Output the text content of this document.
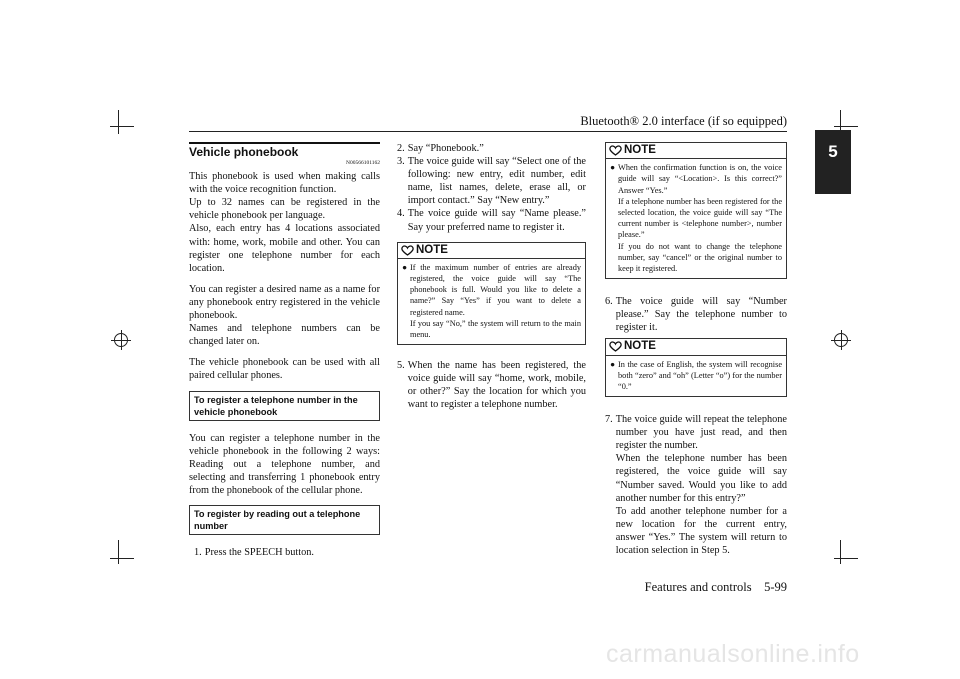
Bluetooth® 2.0 interface (if so equipped)
5
Features and controls 5-99
Vehicle phonebook
N00566101162

This phonebook is used when making calls with the voice recognition function.
Up to 32 names can be registered in the vehicle phonebook per language.
Also, each entry has 4 locations associated with: home, work, mobile and other. You can register one telephone number for each location.

You can register a desired name as a name for any phonebook entry registered in the vehicle phonebook.
Names and telephone numbers can be changed later on.

The vehicle phonebook can be used with all paired cellular phones.

To register a telephone number in the vehicle phonebook

You can register a telephone number in the vehicle phonebook in the following 2 ways: Reading out a telephone number, and selecting and transferring 1 phonebook entry from the phonebook of the cellular phone.

To register by reading out a telephone number
1. Press the SPEECH button.
2. Say “Phonebook.”
3. The voice guide will say “Select one of the following: new entry, edit number, edit name, list names, delete, erase all, or import contact.” Say “New entry.”
4. The voice guide will say “Name please.” Say your preferred name to register it.
NOTE
● If the maximum number of entries are already registered, the voice guide will say “The phonebook is full. Would you like to delete a name?” Say “Yes” if you want to delete a registered name.
If you say “No,” the system will return to the main menu.
5. When the name has been registered, the voice guide will say “home, work, mobile, or other?” Say the location for which you want to register a telephone number.
NOTE
● When the confirmation function is on, the voice guide will say “<Location>. Is this correct?” Answer “Yes.”
If a telephone number has been registered for the selected location, the voice guide will say “The current number is <telephone number>, number please.”
If you do not want to change the telephone number, say “cancel” or the original number to keep it registered.
6. The voice guide will say “Number please.” Say the telephone number to register it.
NOTE
● In the case of English, the system will recognise both “zero” and “oh” (Letter “o”) for the number “0.”
7. The voice guide will repeat the telephone number you have just read, and then register the number.
When the telephone number has been registered, the voice guide will say “Number saved. Would you like to add another number for this entry?”
To add another telephone number for a new location for the current entry, answer “Yes.” The system will return to location selection in Step 5.
carmanualsonline.info
